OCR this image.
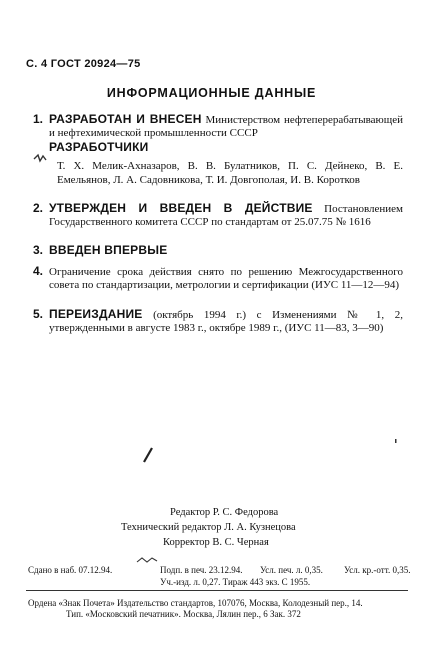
С. 4 ГОСТ 20924—75
ИНФОРМАЦИОННЫЕ ДАННЫЕ
1. РАЗРАБОТАН И ВНЕСЕН Министерством нефтеперерабатывающей и нефтехимической промышленности СССР
РАЗРАБОТЧИКИ
Т. Х. Мелик-Ахназаров, В. В. Булатников, П. С. Дейнеко, В. Е. Емельянов, Л. А. Садовникова, Т. И. Довгополая, И. В. Коротков
2. УТВЕРЖДЕН И ВВЕДЕН В ДЕЙСТВИЕ Постановлением Государственного комитета СССР по стандартам от 25.07.75 № 1616
3. ВВЕДЕН ВПЕРВЫЕ
4. Ограничение срока действия снято по решению Межгосударственного совета по стандартизации, метрологии и сертификации (ИУС 11—12—94)
5. ПЕРЕИЗДАНИЕ (октябрь 1994 г.) с Изменениями № 1, 2, утвержденными в августе 1983 г., октябре 1989 г., (ИУС 11—83, 3—90)
Редактор Р. С. Федорова
Технический редактор Л. А. Кузнецова
Корректор В. С. Черная
Сдано в наб. 07.12.94.	Подп. в печ. 23.12.94. Усл. печ. л. 0,35. Усл. кр.-отт. 0,35.
Уч.-изд. л. 0,27. Тираж 443 экз. С 1955.
Ордена «Знак Почета» Издательство стандартов, 107076, Москва, Колодезный пер., 14.
Тип. «Московский печатник». Москва, Лялин пер., 6 Зак. 372
